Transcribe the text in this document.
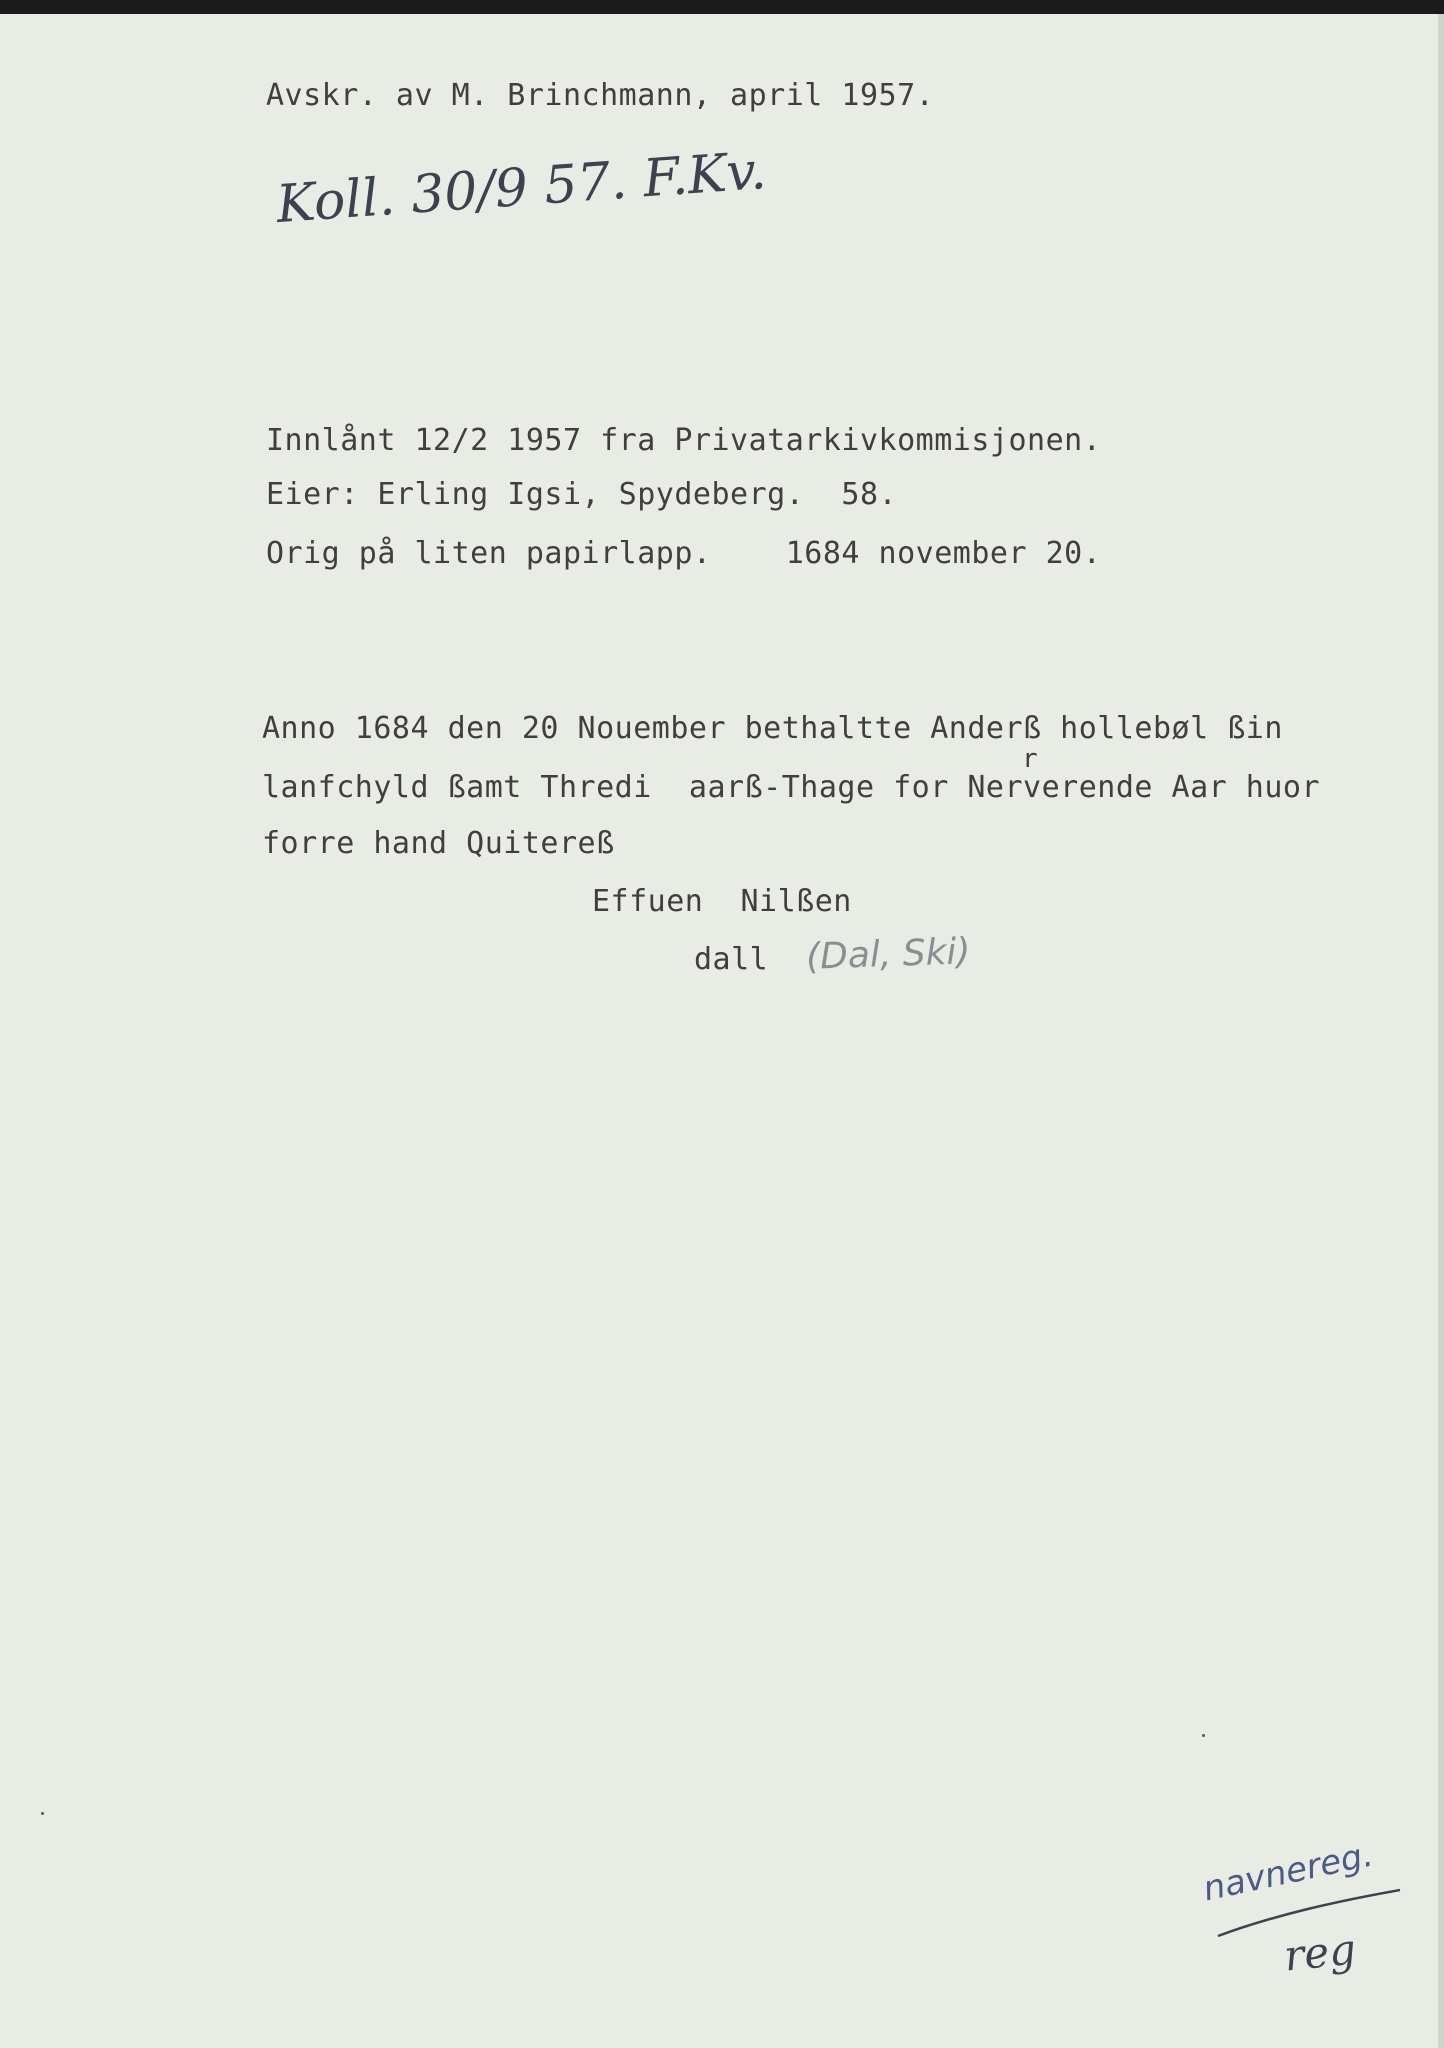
Avskr. av M. Brinchmann, april 1957.
Koll. 30/9 57. F.Kv.
Innlånt 12/2 1957 fra Privatarkivkommisjonen.
Eier: Erling Igsi, Spydeberg.  58.
Orig på liten papirlapp.    1684 november 20.
Anno 1684 den 20 Nouember bethaltte Anderß hollebøl ßin
r
lanfchyld ßamt Thredi  aarß-Thage for Nerverende Aar huor
forre hand Quitereß
Effuen  Nilßen
dall (Dal, Ski)
navnereg.
reg
